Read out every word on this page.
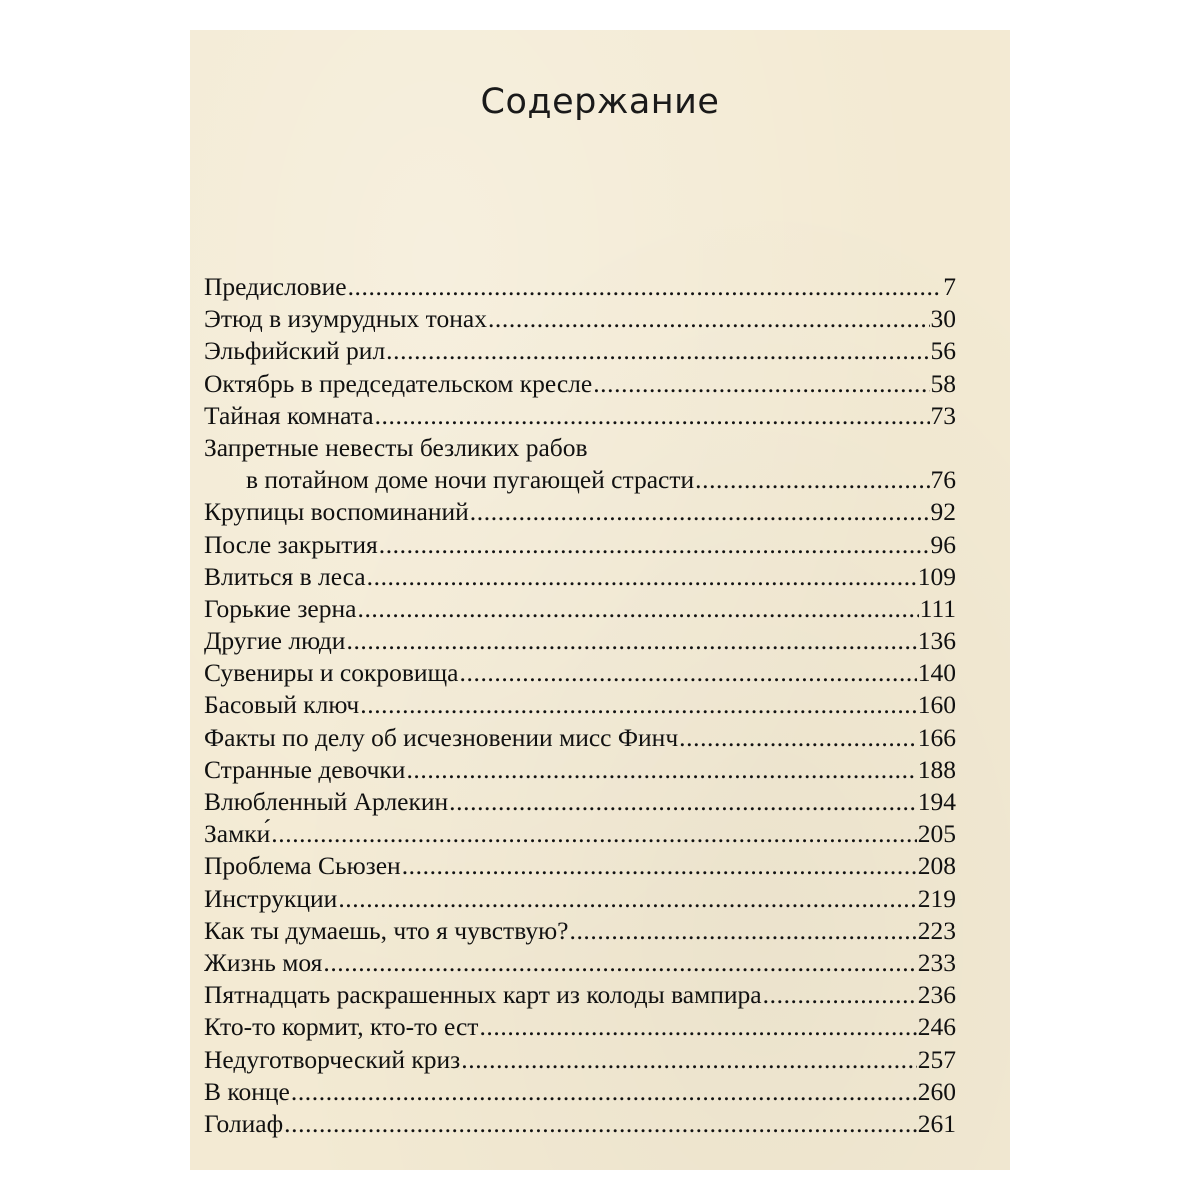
Содержание
Предисловие .....	7
Этюд в изумрудных тонах .....	30
Эльфийский рил .....	56
Октябрь в председательском кресле .....	58
Тайная комната .....	73
Запретные невесты безликих рабов
в потайном доме ночи пугающей страсти .....	76
Крупицы воспоминаний .....	92
После закрытия .....	96
Влиться в леса .....	109
Горькие зерна .....	111
Другие люди .....	136
Сувениры и сокровища .....	140
Басовый ключ .....	160
Факты по делу об исчезновении мисс Финч .....	166
Странные девочки .....	188
Влюбленный Арлекин .....	194
Замки́ .....	205
Проблема Сьюзен .....	208
Инструкции .....	219
Как ты думаешь, что я чувствую? .....	223
Жизнь моя .....	233
Пятнадцать раскрашенных карт из колоды вампира .....	236
Кто-то кормит, кто-то ест .....	246
Недуготворческий криз .....	257
В конце .....	260
Голиаф .....	261
